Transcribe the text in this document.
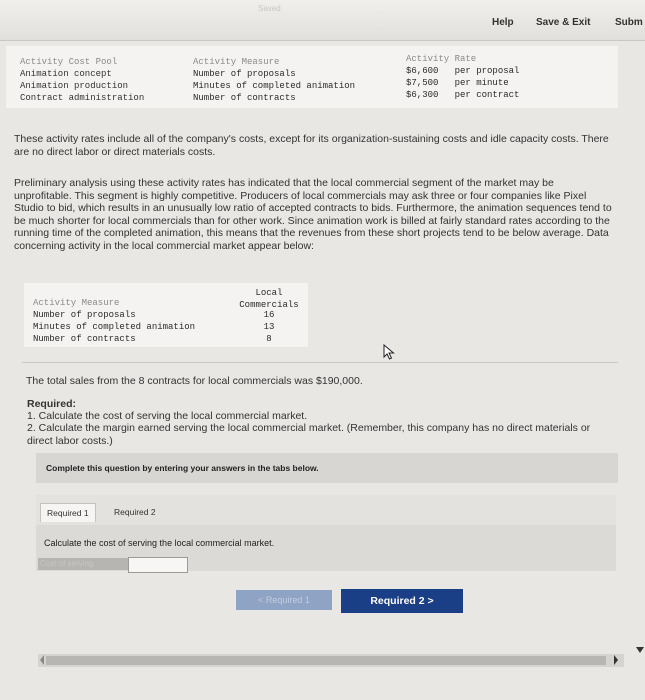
Saved
Help Save & Exit Subm
Activity Cost Pool
Animation concept
Animation production
Contract administration
Activity Measure
Number of proposals
Minutes of completed animation
Number of contracts
Activity Rate
$6,600 per proposal
$7,500 per minute
$6,300 per contract
These activity rates include all of the company's costs, except for its organization-sustaining costs and idle capacity costs. There are no direct labor or direct materials costs.
Preliminary analysis using these activity rates has indicated that the local commercial segment of the market may be unprofitable. This segment is highly competitive. Producers of local commercials may ask three or four companies like Pixel Studio to bid, which results in an unusually low ratio of accepted contracts to bids. Furthermore, the animation sequences tend to be much shorter for local commercials than for other work. Since animation work is billed at fairly standard rates according to the running time of the completed animation, this means that the revenues from these short projects tend to be below average. Data concerning activity in the local commercial market appear below:
Local
Commercials
Activity Measure
Number of proposals
Minutes of completed animation
Number of contracts
16
13
8
The total sales from the 8 contracts for local commercials was $190,000.
Required:
1. Calculate the cost of serving the local commercial market.
2. Calculate the margin earned serving the local commercial market. (Remember, this company has no direct materials or direct labor costs.)
Complete this question by entering your answers in the tabs below.
Required 1	Required 2
Calculate the cost of serving the local commercial market.
Cost of serving
< Required 1	Required 2 >
